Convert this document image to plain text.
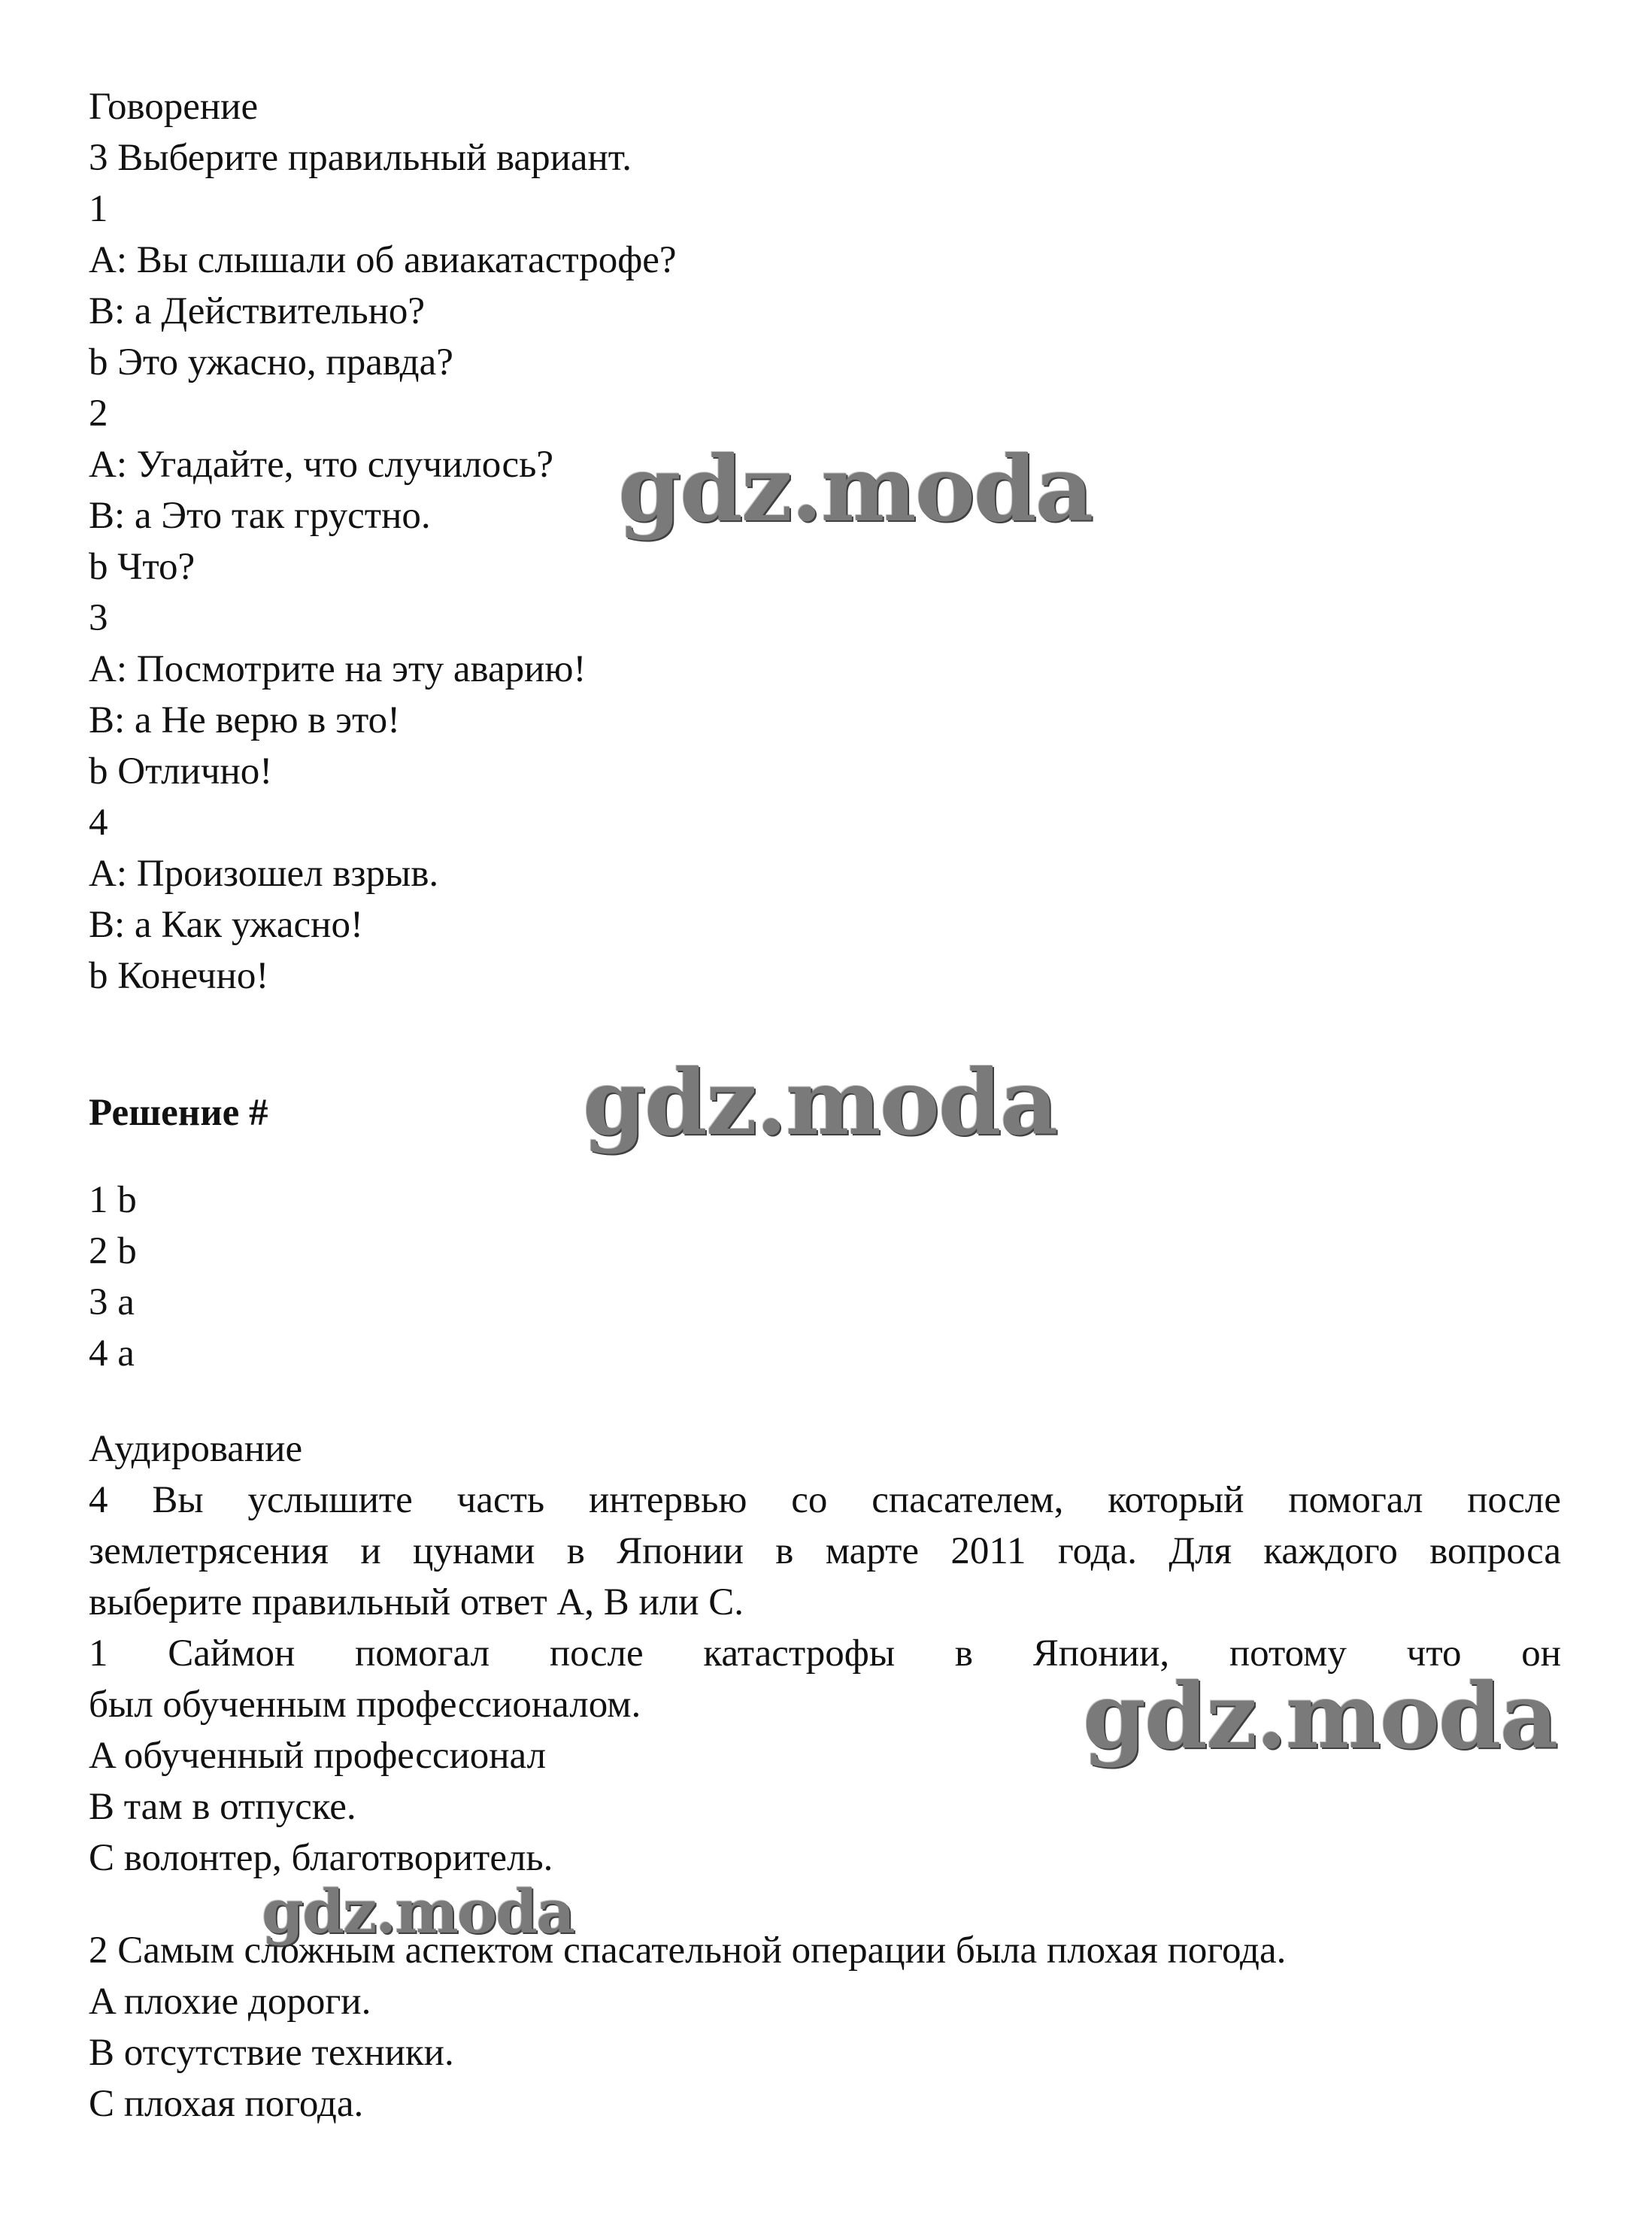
Говорение

3 Выберите правильный вариант.

1

A: Вы слышали об авиакатастрофе?

B: a Действительно?

b Это ужасно, правда?

2

A: Угадайте, что случилось?

B: a Это так грустно.

b Что?

3

A: Посмотрите на эту аварию!

B: a Не верю в это!

b Отлично!

4

A: Произошел взрыв.

B: a Как ужасно!

b Конечно!

Решение #

1 b

2 b

3 a

4 a

Аудирование

4 Вы услышите часть интервью со спасателем, который помогал после

землетрясения и цунами в Японии в марте 2011 года. Для каждого вопроса

выберите правильный ответ A, B или C.

1 Саймон помогал после катастрофы в Японии, потому что он

был обученным профессионалом.

A обученный профессионал

B там в отпуске.

C волонтер, благотворитель.

2 Самым сложным аспектом спасательной операции была плохая погода.

A плохие дороги.

B отсутствие техники.

C плохая погода.

gdz.moda
gdz.moda
gdz.moda
gdz.moda
